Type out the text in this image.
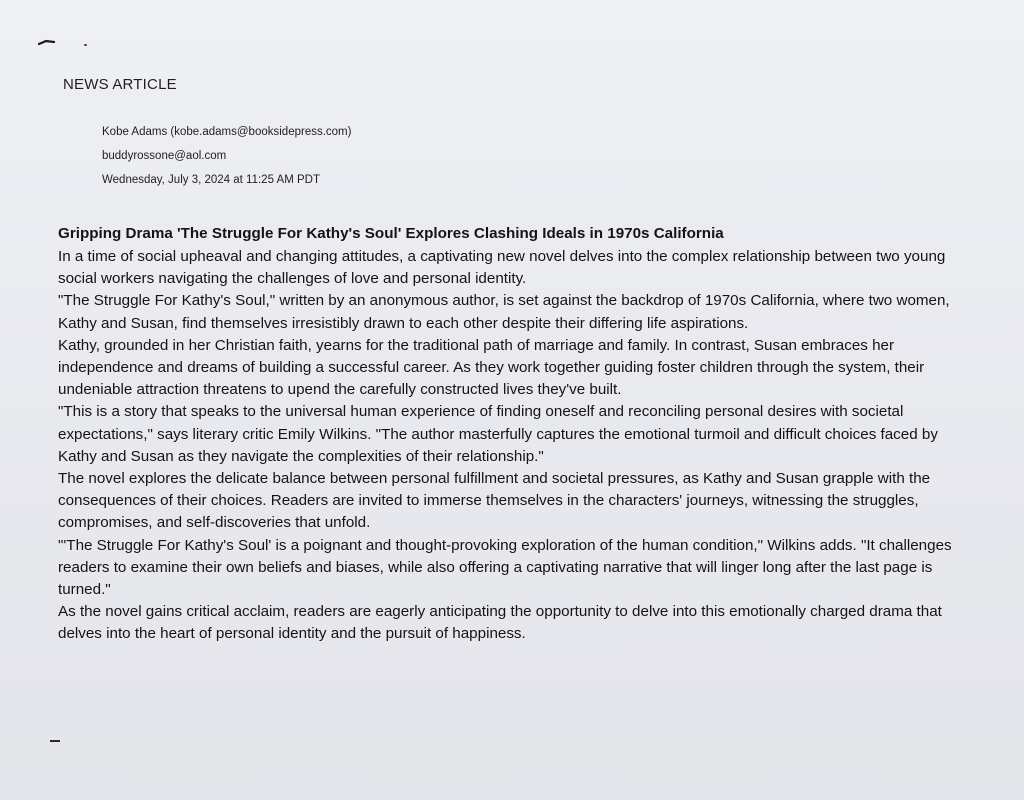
NEWS ARTICLE
Kobe Adams (kobe.adams@booksidepress.com)
buddyrossone@aol.com
Wednesday, July 3, 2024 at 11:25 AM PDT

Gripping Drama 'The Struggle For Kathy's Soul' Explores Clashing Ideals in 1970s California

In a time of social upheaval and changing attitudes, a captivating new novel delves into the complex relationship between two young social workers navigating the challenges of love and personal identity.

"The Struggle For Kathy's Soul," written by an anonymous author, is set against the backdrop of 1970s California, where two women, Kathy and Susan, find themselves irresistibly drawn to each other despite their differing life aspirations.

Kathy, grounded in her Christian faith, yearns for the traditional path of marriage and family. In contrast, Susan embraces her independence and dreams of building a successful career. As they work together guiding foster children through the system, their undeniable attraction threatens to upend the carefully constructed lives they've built.

"This is a story that speaks to the universal human experience of finding oneself and reconciling personal desires with societal expectations," says literary critic Emily Wilkins. "The author masterfully captures the emotional turmoil and difficult choices faced by Kathy and Susan as they navigate the complexities of their relationship."

The novel explores the delicate balance between personal fulfillment and societal pressures, as Kathy and Susan grapple with the consequences of their choices. Readers are invited to immerse themselves in the characters' journeys, witnessing the struggles, compromises, and self-discoveries that unfold.

"'The Struggle For Kathy's Soul' is a poignant and thought-provoking exploration of the human condition," Wilkins adds. "It challenges readers to examine their own beliefs and biases, while also offering a captivating narrative that will linger long after the last page is turned."

As the novel gains critical acclaim, readers are eagerly anticipating the opportunity to delve into this emotionally charged drama that delves into the heart of personal identity and the pursuit of happiness.
